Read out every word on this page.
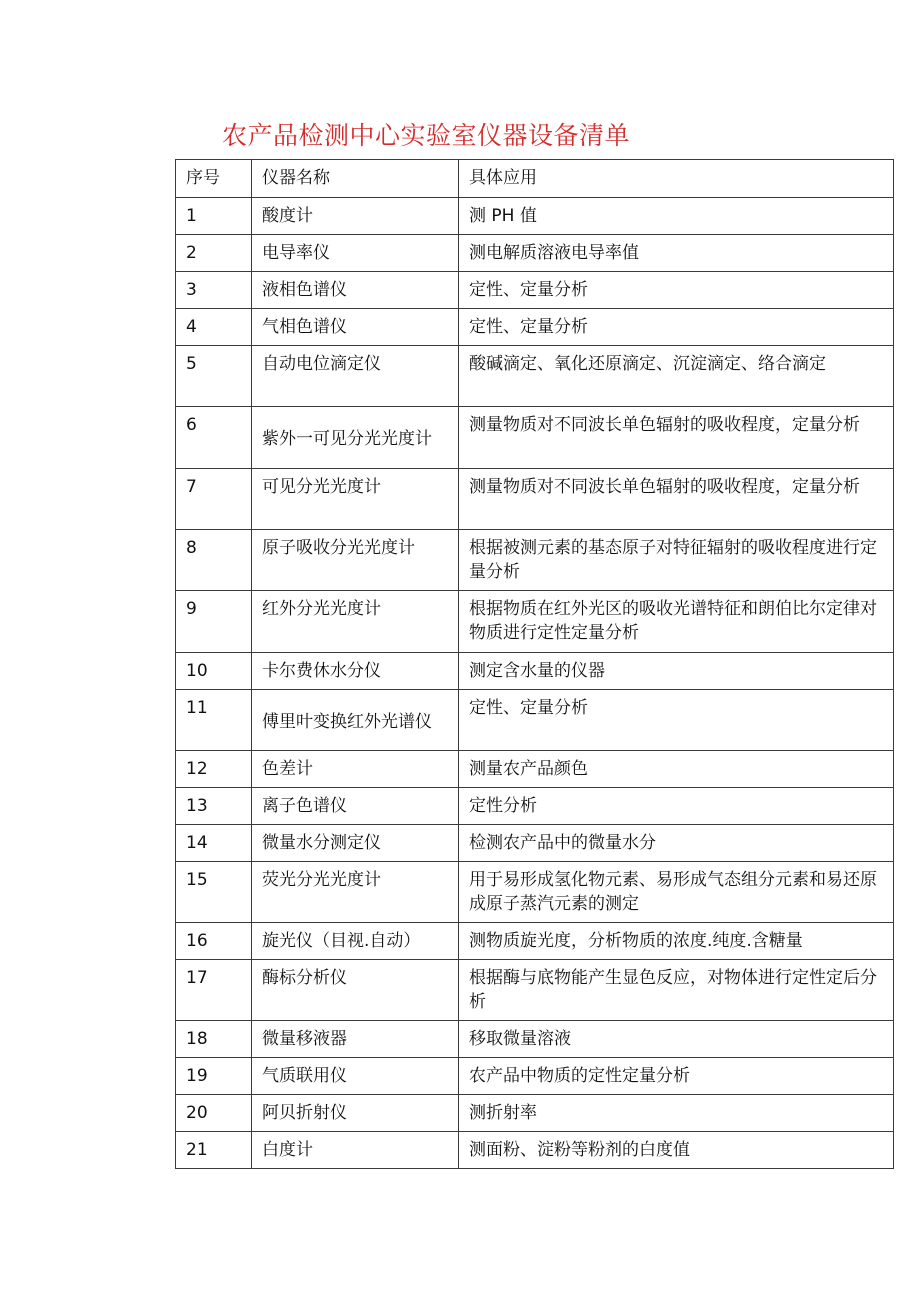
农产品检测中心实验室仪器设备清单
序号	仪器名称	具体应用
1	酸度计	测 PH 值
2	电导率仪	测电解质溶液电导率值
3	液相色谱仪	定性、定量分析
4	气相色谱仪	定性、定量分析
5	自动电位滴定仪	酸碱滴定、氧化还原滴定、沉淀滴定、络合滴定
6	紫外一可见分光光度计	测量物质对不同波长单色辐射的吸收程度，定量分析
7	可见分光光度计	测量物质对不同波长单色辐射的吸收程度，定量分析
8	原子吸收分光光度计	根据被测元素的基态原子对特征辐射的吸收程度进行定量分析
9	红外分光光度计	根据物质在红外光区的吸收光谱特征和朗伯比尔定律对物质进行定性定量分析
10	卡尔费休水分仪	测定含水量的仪器
11	傅里叶变换红外光谱仪	定性、定量分析
12	色差计	测量农产品颜色
13	离子色谱仪	定性分析
14	微量水分测定仪	检测农产品中的微量水分
15	荧光分光光度计	用于易形成氢化物元素、易形成气态组分元素和易还原成原子蒸汽元素的测定
16	旋光仪（目视.自动）	测物质旋光度，分析物质的浓度.纯度.含糖量
17	酶标分析仪	根据酶与底物能产生显色反应，对物体进行定性定后分析
18	微量移液器	移取微量溶液
19	气质联用仪	农产品中物质的定性定量分析
20	阿贝折射仪	测折射率
21	白度计	测面粉、淀粉等粉剂的白度值
